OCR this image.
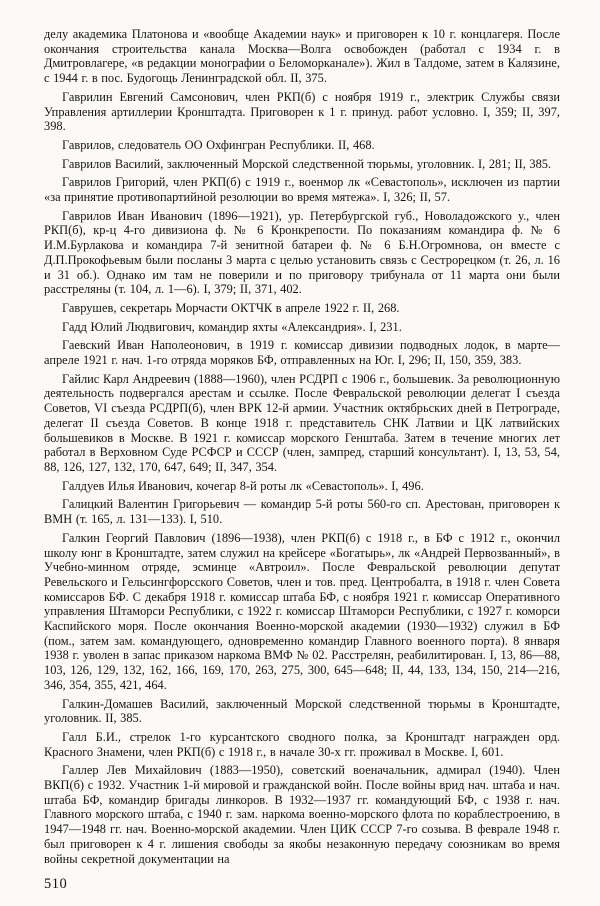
делу академика Платонова и «вообще Академии наук» и приговорен к 10 г. концлагеря. После окончания строительства канала Москва—Волга освобожден (работал с 1934 г. в Дмитровлагере, «в редакции монографии о Беломорканале»). Жил в Талдоме, затем в Калязине, с 1944 г. в пос. Будогощь Ленинградской обл. II, 375.

Гаврилин Евгений Самсонович, член РКП(б) с ноября 1919 г., электрик Службы связи Управления артиллерии Кронштадта. Приговорен к 1 г. принуд. работ условно. I, 359; II, 397, 398.

Гаврилов, следователь ОО Охфингран Республики. II, 468.

Гаврилов Василий, заключенный Морской следственной тюрьмы, уголовник. I, 281; II, 385.

Гаврилов Григорий, член РКП(б) с 1919 г., военмор лк «Севастополь», исключен из партии «за принятие противопартийной резолюции во время мятежа». I, 326; II, 57.

Гаврилов Иван Иванович (1896—1921), ур. Петербургской губ., Новоладожского у., член РКП(б), кр-ц 4-го дивизиона ф. № 6 Кронкрепости. По показаниям командира ф. № 6 И.М.Бурлакова и командира 7-й зенитной батареи ф. № 6 Б.Н.Огромнова, он вместе с Д.П.Прокофьевым были посланы 3 марта с целью установить связь с Сестрорецком (т. 26, л. 16 и 31 об.). Однако им там не поверили и по приговору трибунала от 11 марта они были расстреляны (т. 104, л. 1—6). I, 379; II, 371, 402.

Гаврушев, секретарь Морчасти ОКТЧК в апреле 1922 г. II, 268.

Гадд Юлий Людвигович, командир яхты «Александрия». I, 231.

Гаевский Иван Наполеонович, в 1919 г. комиссар дивизии подводных лодок, в марте—апреле 1921 г. нач. 1-го отряда моряков БФ, отправленных на Юг. I, 296; II, 150, 359, 383.

Гайлис Карл Андреевич (1888—1960), член РСДРП с 1906 г., большевик. За революционную деятельность подвергался арестам и ссылке. После Февральской революции делегат I съезда Советов, VI съезда РСДРП(б), член ВРК 12-й армии. Участник октябрьских дней в Петрограде, делегат II съезда Советов. В конце 1918 г. представитель СНК Латвии и ЦК латвийских большевиков в Москве. В 1921 г. комиссар морского Генштаба. Затем в течение многих лет работал в Верховном Суде РСФСР и СССР (член, зампред, старший консультант). I, 13, 53, 54, 88, 126, 127, 132, 170, 647, 649; II, 347, 354.

Галдуев Илья Иванович, кочегар 8-й роты лк «Севастополь». I, 496.

Галицкий Валентин Григорьевич — командир 5-й роты 560-го сп. Арестован, приговорен к ВМН (т. 165, л. 131—133). I, 510.

Галкин Георгий Павлович (1896—1938), член РКП(б) с 1918 г., в БФ с 1912 г., окончил школу юнг в Кронштадте, затем служил на крейсере «Богатырь», лк «Андрей Первозванный», в Учебно-минном отряде, эсминце «Автроил». После Февральской революции депутат Ревельского и Гельсингфорсского Советов, член и тов. пред. Центробалта, в 1918 г. член Совета комиссаров БФ. С декабря 1918 г. комиссар штаба БФ, с ноября 1921 г. комиссар Оперативного управления Штаморси Республики, с 1922 г. комиссар Штаморси Республики, с 1927 г. коморси Каспийского моря. После окончания Военно-морской академии (1930—1932) служил в БФ (пом., затем зам. командующего, одновременно командир Главного военного порта). 8 января 1938 г. уволен в запас приказом наркома ВМФ № 02. Расстрелян, реабилитирован. I, 13, 86—88, 103, 126, 129, 132, 162, 166, 169, 170, 263, 275, 300, 645—648; II, 44, 133, 134, 150, 214—216, 346, 354, 355, 421, 464.

Галкин-Домашев Василий, заключенный Морской следственной тюрьмы в Кронштадте, уголовник. II, 385.

Галл Б.И., стрелок 1-го курсантского сводного полка, за Кронштадт награжден орд. Красного Знамени, член РКП(б) с 1918 г., в начале 30-х гг. проживал в Москве. I, 601.

Галлер Лев Михайлович (1883—1950), советский военачальник, адмирал (1940). Член ВКП(б) с 1932. Участник 1-й мировой и гражданской войн. После войны врид нач. штаба и нач. штаба БФ, командир бригады линкоров. В 1932—1937 гг. командующий БФ, с 1938 г. нач. Главного морского штаба, с 1940 г. зам. наркома военно-морского флота по кораблестроению, в 1947—1948 гг. нач. Военно-морской академии. Член ЦИК СССР 7-го созыва. В феврале 1948 г. был приговорен к 4 г. лишения свободы за якобы незаконную передачу союзникам во время войны секретной документации на

510
